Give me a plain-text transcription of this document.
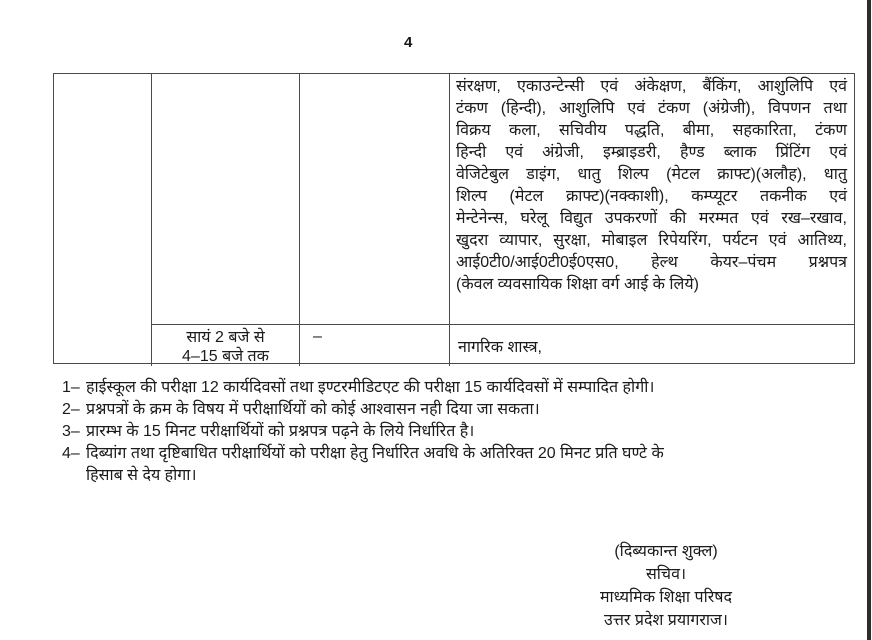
4
संरक्षण, एकाउन्टेन्सी एवं अंकेक्षण, बैंकिंग, आशुलिपि एवं
टंकण (हिन्दी), आशुलिपि एवं टंकण (अंग्रेजी), विपणन तथा
विक्रय कला, सचिवीय पद्धति, बीमा, सहकारिता, टंकण
हिन्दी एवं अंग्रेजी, इम्ब्राइडरी, हैण्ड ब्लाक प्रिंटिंग एवं
वेजिटेबुल डाइंग, धातु शिल्प (मेटल क्राफ्ट)(अलौह), धातु
शिल्प (मेटल क्राफ्ट)(नक्काशी), कम्प्यूटर तकनीक एवं
मेन्टेनेन्स, घरेलू विद्युत उपकरणों की मरम्मत एवं रख–रखाव,
खुदरा व्यापार, सुरक्षा, मोबाइल रिपेयरिंग, पर्यटन एवं आतिथ्य,
आई0टी0/आई0टी0ई0एस0, हेल्थ केयर–पंचम प्रश्नपत्र
(केवल व्यवसायिक शिक्षा वर्ग आई के लिये)
सायं 2 बजे से
4–15 बजे तक
–
नागरिक शास्त्र,
1– हाईस्कूल की परीक्षा 12 कार्यदिवसों तथा इण्टरमीडिटएट की परीक्षा 15 कार्यदिवसों में सम्पादित होगी।
2– प्रश्नपत्रों के क्रम के विषय में परीक्षार्थियों को कोई आश्वासन नही दिया जा सकता।
3– प्रारम्भ के 15 मिनट परीक्षार्थियों को प्रश्नपत्र पढ़ने के लिये निर्धारित है।
4– दिब्यांग तथा दृष्टिबाधित परीक्षार्थियों को परीक्षा हेतु निर्धारित अवधि के अतिरिक्त 20 मिनट प्रति घण्टे के
हिसाब से देय होगा।
(दिब्यकान्त शुक्ल)
सचिव।
माध्यमिक शिक्षा परिषद
उत्तर प्रदेश प्रयागराज।
